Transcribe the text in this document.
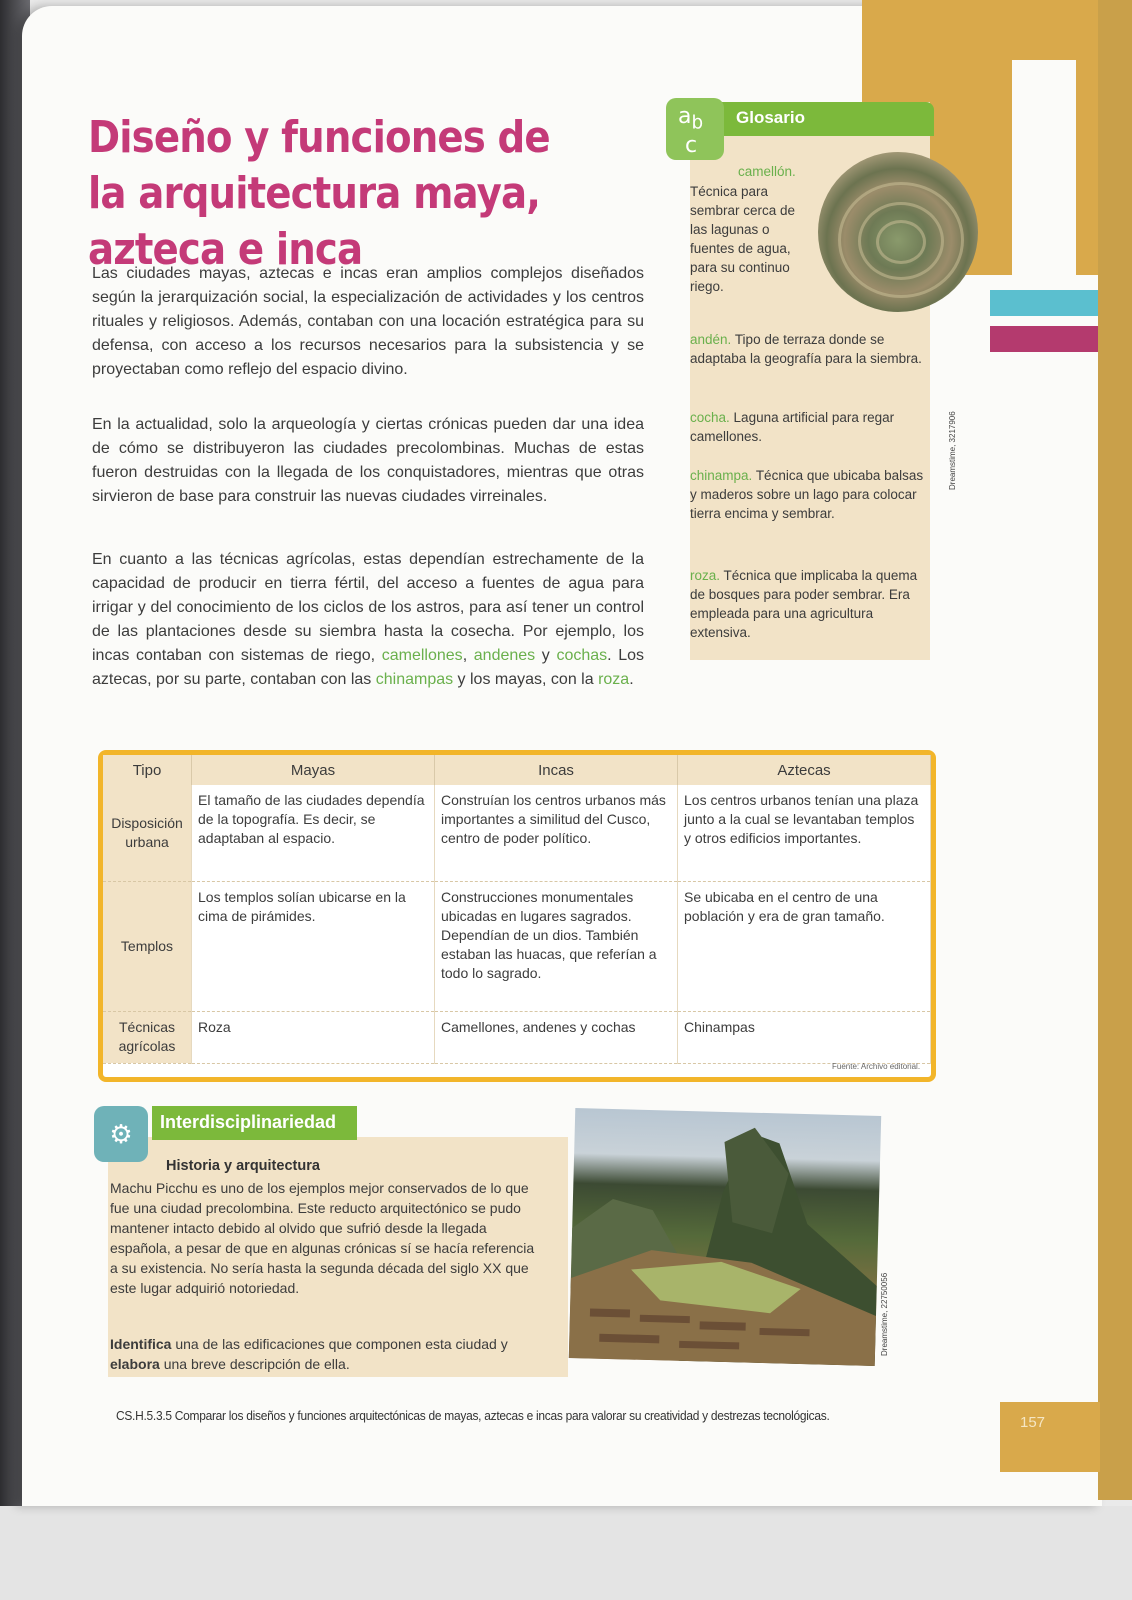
Diseño y funciones de la arquitectura maya, azteca e inca

Las ciudades mayas, aztecas e incas eran amplios complejos diseñados según la jerarquización social, la especialización de actividades y los centros rituales y religiosos. Además, contaban con una locación estratégica para su defensa, con acceso a los recursos necesarios para la subsistencia y se proyectaban como reflejo del espacio divino.

En la actualidad, solo la arqueología y ciertas crónicas pueden dar una idea de cómo se distribuyeron las ciudades precolombinas. Muchas de estas fueron destruidas con la llegada de los conquistadores, mientras que otras sirvieron de base para construir las nuevas ciudades virreinales.

En cuanto a las técnicas agrícolas, estas dependían estrechamente de la capacidad de producir en tierra fértil, del acceso a fuentes de agua para irrigar y del conocimiento de los ciclos de los astros, para así tener un control de las plantaciones desde su siembra hasta la cosecha. Por ejemplo, los incas contaban con sistemas de riego, camellones, andenes y cochas. Los aztecas, por su parte, contaban con las chinampas y los mayas, con la roza.

Glosario
$a_b$
c

camellón.

Técnica para sembrar cerca de las lagunas o fuentes de agua, para su continuo riego.

andén. Tipo de terraza donde se adaptaba la geografía para la siembra.

cocha. Laguna artificial para regar camellones.

chinampa. Técnica que ubicaba balsas y maderos sobre un lago para colocar tierra encima y sembrar.

roza. Técnica que implicaba la quema de bosques para poder sembrar. Era empleada para una agricultura extensiva.

Dreamstime, 3217906
Tipo	Mayas	Incas	Aztecas
Disposición urbana	El tamaño de las ciudades dependía de la topografía. Es decir, se adaptaban al espacio.	Construían los centros urbanos más importantes a similitud del Cusco, centro de poder político.	Los centros urbanos tenían una plaza junto a la cual se levantaban templos y otros edificios importantes.
Templos	Los templos solían ubicarse en la cima de pirámides.	Construcciones monumentales ubicadas en lugares sagrados. Dependían de un dios. También estaban las huacas, que referían a todo lo sagrado.	Se ubicaba en el centro de una población y era de gran tamaño.
Técnicas agrícolas	Roza	Camellones, andenes y cochas	Chinampas
Fuente: Archivo editorial.
⚙	Interdisciplinariedad

Historia y arquitectura

Machu Picchu es uno de los ejemplos mejor conservados de lo que fue una ciudad precolombina. Este reducto arquitectónico se pudo mantener intacto debido al olvido que sufrió desde la llegada española, a pesar de que en algunas crónicas sí se hacía referencia a su existencia. No sería hasta la segunda década del siglo XX que este lugar adquirió notoriedad.

Identifica una de las edificaciones que componen esta ciudad y elabora una breve descripción de ella.

Dreamstime, 22750056
CS.H.5.3.5 Comparar los diseños y funciones arquitectónicas de mayas, aztecas e incas para valorar su creatividad y destrezas tecnológicas.	157
